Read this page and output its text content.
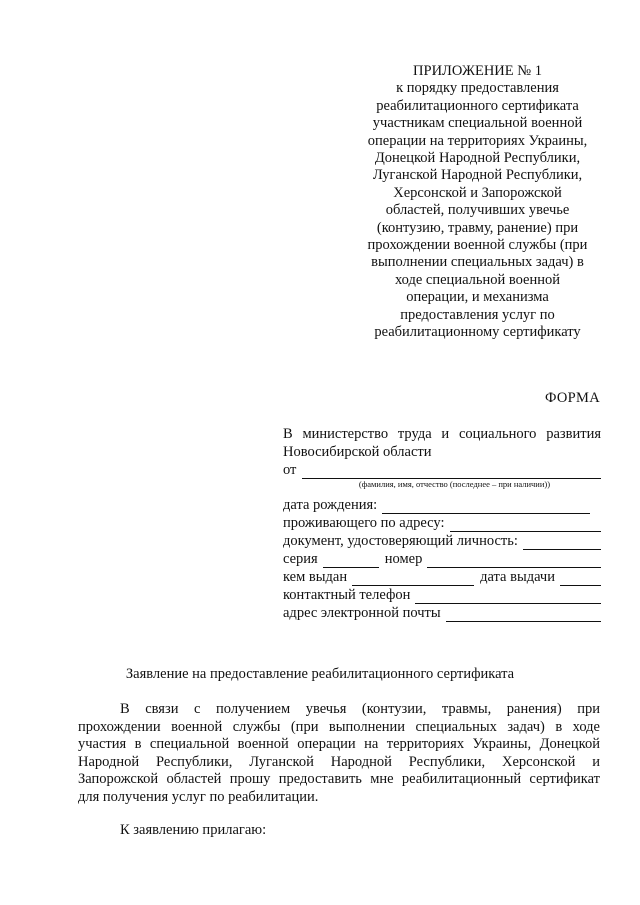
ПРИЛОЖЕНИЕ № 1
к порядку предоставления
реабилитационного сертификата
участникам специальной военной
операции на территориях Украины,
Донецкой Народной Республики,
Луганской Народной Республики,
Херсонской и Запорожской
областей, получивших увечье
(контузию, травму, ранение) при
прохождении военной службы (при
выполнении специальных задач) в
ходе специальной военной
операции, и механизма
предоставления услуг по
реабилитационному сертификату
ФОРМА
В министерство труда и социального развития
Новосибирской области
от
(фамилия, имя, отчество (последнее – при наличии))
дата рождения:
проживающего по адресу:
документ, удостоверяющий личность:
серия	номер
кем выдан	дата выдачи
контактный телефон
адрес электронной почты
Заявление на предоставление реабилитационного сертификата
В связи с получением увечья (контузии, травмы, ранения) при
прохождении военной службы (при выполнении специальных задач) в ходе
участия в специальной военной операции на территориях Украины, Донецкой
Народной Республики, Луганской Народной Республики, Херсонской и
Запорожской областей прошу предоставить мне реабилитационный сертификат
для получения услуг по реабилитации.
К заявлению прилагаю:
